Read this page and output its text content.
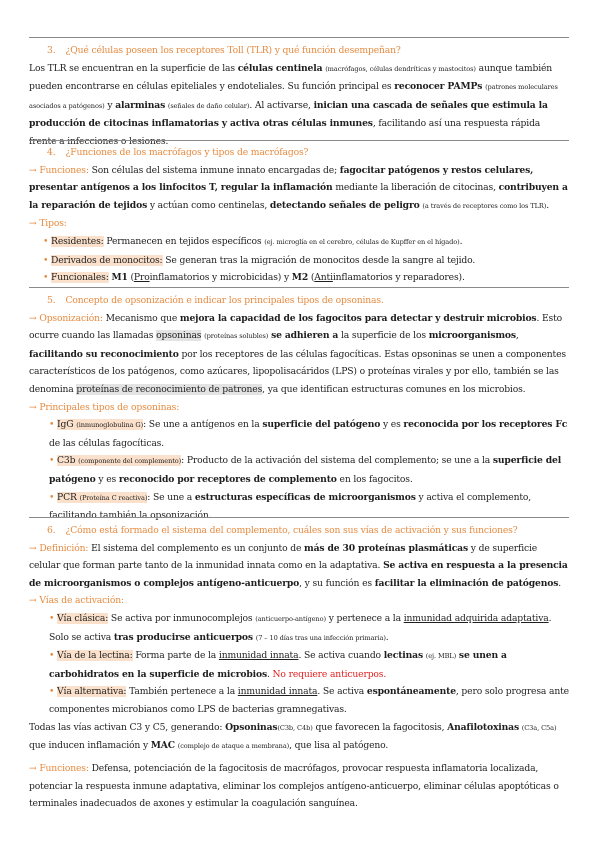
3. ¿Qué células poseen los receptores Toll (TLR) y qué función desempeñan?

Los TLR se encuentran en la superficie de las células centinela (macrófagos, células dendríticas y mastocitos) aunque también pueden encontrarse en células epiteliales y endoteliales. Su función principal es reconocer PAMPs (patrones moleculares asociados a patógenos) y alarminas (señales de daño celular). Al activarse, inician una cascada de señales que estimula la producción de citocinas inflamatorias y activa otras células inmunes, facilitando así una respuesta rápida frente a infecciones o lesiones.

4. ¿Funciones de los macrófagos y tipos de macrófagos?

→ Funciones: Son células del sistema inmune innato encargadas de; fagocitar patógenos y restos celulares, presentar antígenos a los linfocitos T, regular la inflamación mediante la liberación de citocinas, contribuyen a la reparación de tejidos y actúan como centinelas, detectando señales de peligro (a través de receptores como los TLR).

→ Tipos:

• Residentes: Permanecen en tejidos específicos (ej. microglía en el cerebro, células de Kupffer en el hígado).

• Derivados de monocitos: Se generan tras la migración de monocitos desde la sangre al tejido.

• Funcionales: M1 (Proinflamatorios y microbicidas) y M2 (Antiinflamatorios y reparadores).

5. Concepto de opsonización e indicar los principales tipos de opsoninas.

→ Opsonización: Mecanismo que mejora la capacidad de los fagocitos para detectar y destruir microbios. Esto ocurre cuando las llamadas opsoninas (proteínas solubles) se adhieren a la superficie de los microorganismos, facilitando su reconocimiento por los receptores de las células fagocíticas. Estas opsoninas se unen a componentes característicos de los patógenos, como azúcares, lipopolisacáridos (LPS) o proteínas virales y por ello, también se las denomina proteínas de reconocimiento de patrones, ya que identifican estructuras comunes en los microbios.

→ Principales tipos de opsoninas:

• IgG (inmunoglobulina G): Se une a antígenos en la superficie del patógeno y es reconocida por los receptores Fc de las células fagocíticas.

• C3b (componente del complemento): Producto de la activación del sistema del complemento; se une a la superficie del patógeno y es reconocido por receptores de complemento en los fagocitos.

• PCR (Proteína C reactiva): Se une a estructuras específicas de microorganismos y activa el complemento, facilitando también la opsonización.

6. ¿Cómo está formado el sistema del complemento, cuáles son sus vías de activación y sus funciones?

→ Definición: El sistema del complemento es un conjunto de más de 30 proteínas plasmáticas y de superficie celular que forman parte tanto de la inmunidad innata como en la adaptativa. Se activa en respuesta a la presencia de microorganismos o complejos antígeno-anticuerpo, y su función es facilitar la eliminación de patógenos.

→ Vías de activación:

• Vía clásica: Se activa por inmunocomplejos (anticuerpo-antígeno) y pertenece a la inmunidad adquirida adaptativa. Solo se activa tras producirse anticuerpos (7 – 10 días tras una infección primaria).

• Vía de la lectina: Forma parte de la inmunidad innata. Se activa cuando lectinas (ej. MBL) se unen a carbohidratos en la superficie de microbios. No requiere anticuerpos.

• Vía alternativa: También pertenece a la inmunidad innata. Se activa espontáneamente, pero solo progresa ante componentes microbianos como LPS de bacterias gramnegativas.

Todas las vías activan C3 y C5, generando: Opsoninas(C3b, C4b) que favorecen la fagocitosis, Anafilotoxinas (C3a, C5a) que inducen inflamación y MAC (complejo de ataque a membrana), que lisa al patógeno.

→ Funciones: Defensa, potenciación de la fagocitosis de macrófagos, provocar respuesta inflamatoria localizada, potenciar la respuesta inmune adaptativa, eliminar los complejos antígeno-anticuerpo, eliminar células apoptóticas o terminales inadecuados de axones y estimular la coagulación sanguínea.
